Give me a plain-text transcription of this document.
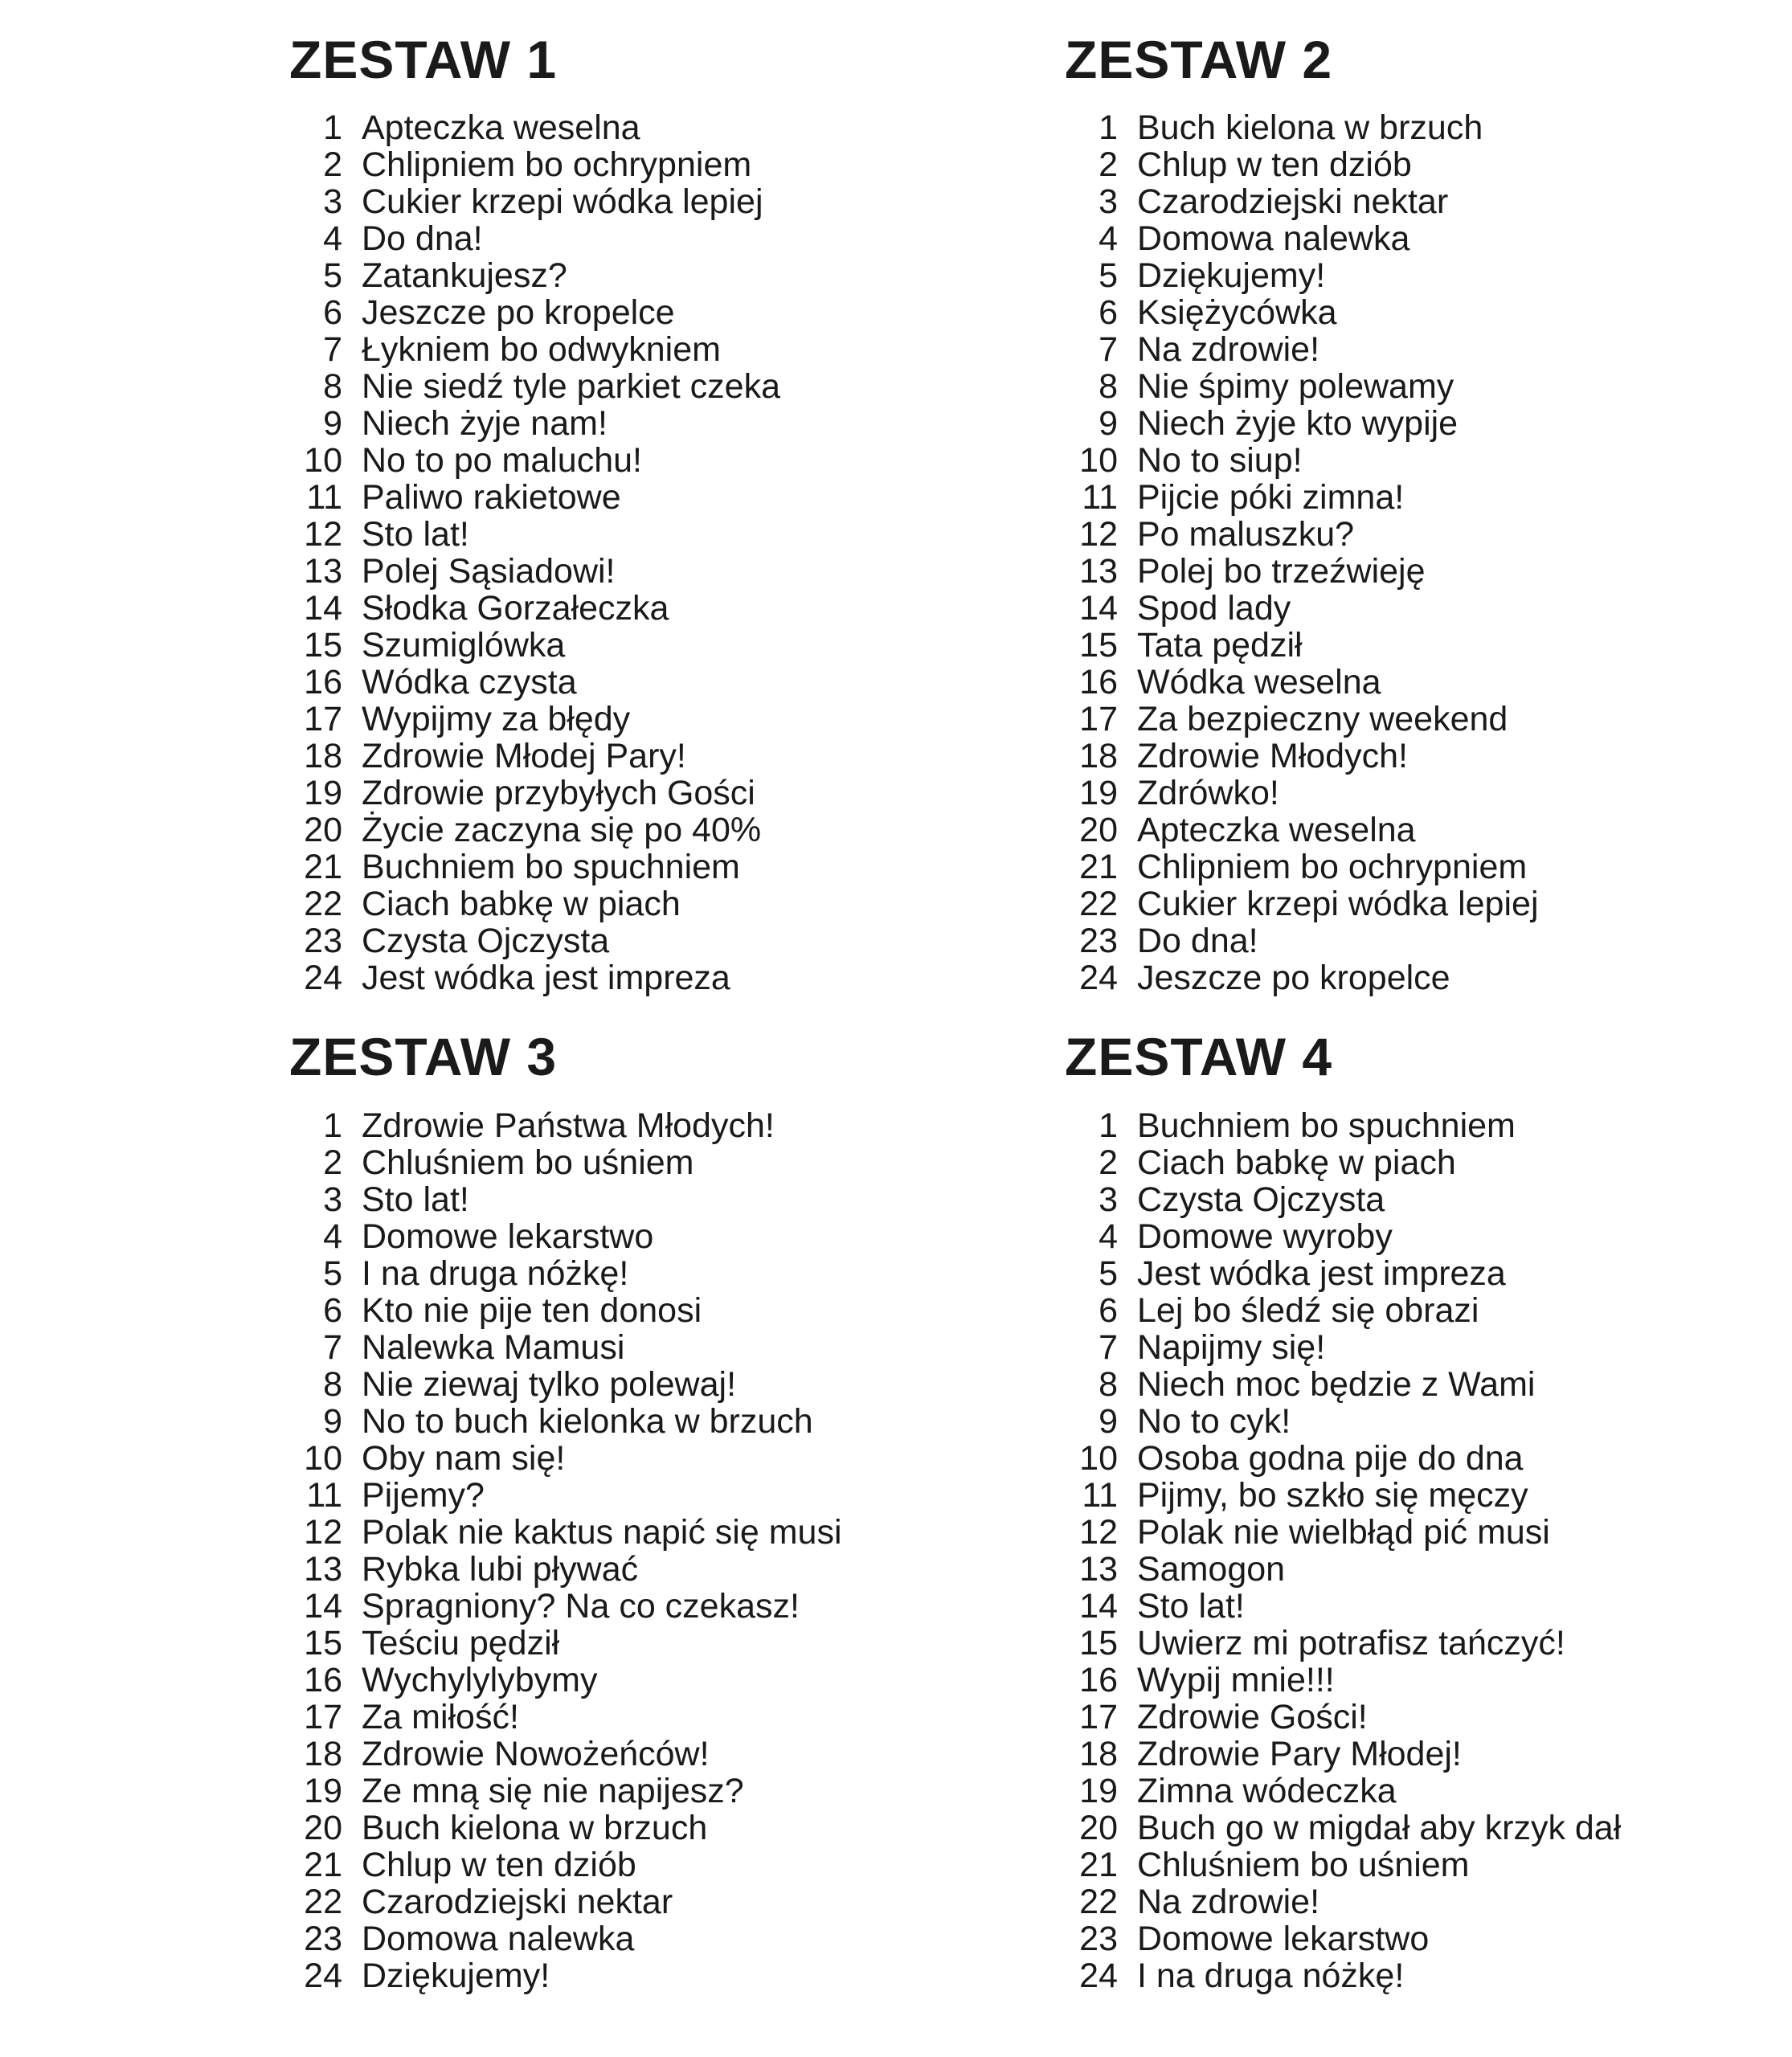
ZESTAW 1
1 Apteczka weselna
2 Chlipniem bo ochrypniem
3 Cukier krzepi wódka lepiej
4 Do dna!
5 Zatankujesz?
6 Jeszcze po kropelce
7 Łykniem bo odwykniem
8 Nie siedź tyle parkiet czeka
9 Niech żyje nam!
10 No to po maluchu!
11 Paliwo rakietowe
12 Sto lat!
13 Polej Sąsiadowi!
14 Słodka Gorzałeczka
15 Szumiglówka
16 Wódka czysta
17 Wypijmy za błędy
18 Zdrowie Młodej Pary!
19 Zdrowie przybyłych Gości
20 Życie zaczyna się po 40%
21 Buchniem bo spuchniem
22 Ciach babkę w piach
23 Czysta Ojczysta
24 Jest wódka jest impreza
ZESTAW 2
1 Buch kielona w brzuch
2 Chlup w ten dziób
3 Czarodziejski nektar
4 Domowa nalewka
5 Dziękujemy!
6 Księżycówka
7 Na zdrowie!
8 Nie śpimy polewamy
9 Niech żyje kto wypije
10 No to siup!
11 Pijcie póki zimna!
12 Po maluszku?
13 Polej bo trzeźwieję
14 Spod lady
15 Tata pędził
16 Wódka weselna
17 Za bezpieczny weekend
18 Zdrowie Młodych!
19 Zdrówko!
20 Apteczka weselna
21 Chlipniem bo ochrypniem
22 Cukier krzepi wódka lepiej
23 Do dna!
24 Jeszcze po kropelce
ZESTAW 3
1 Zdrowie Państwa Młodych!
2 Chluśniem bo uśniem
3 Sto lat!
4 Domowe lekarstwo
5 I na druga nóżkę!
6 Kto nie pije ten donosi
7 Nalewka Mamusi
8 Nie ziewaj tylko polewaj!
9 No to buch kielonka w brzuch
10 Oby nam się!
11 Pijemy?
12 Polak nie kaktus napić się musi
13 Rybka lubi pływać
14 Spragniony? Na co czekasz!
15 Teściu pędził
16 Wychylylybymy
17 Za miłość!
18 Zdrowie Nowożeńców!
19 Ze mną się nie napijesz?
20 Buch kielona w brzuch
21 Chlup w ten dziób
22 Czarodziejski nektar
23 Domowa nalewka
24 Dziękujemy!
ZESTAW 4
1 Buchniem bo spuchniem
2 Ciach babkę w piach
3 Czysta Ojczysta
4 Domowe wyroby
5 Jest wódka jest impreza
6 Lej bo śledź się obrazi
7 Napijmy się!
8 Niech moc będzie z Wami
9 No to cyk!
10 Osoba godna pije do dna
11 Pijmy, bo szkło się męczy
12 Polak nie wielbłąd pić musi
13 Samogon
14 Sto lat!
15 Uwierz mi potrafisz tańczyć!
16 Wypij mnie!!!
17 Zdrowie Gości!
18 Zdrowie Pary Młodej!
19 Zimna wódeczka
20 Buch go w migdał aby krzyk dał
21 Chluśniem bo uśniem
22 Na zdrowie!
23 Domowe lekarstwo
24 I na druga nóżkę!
